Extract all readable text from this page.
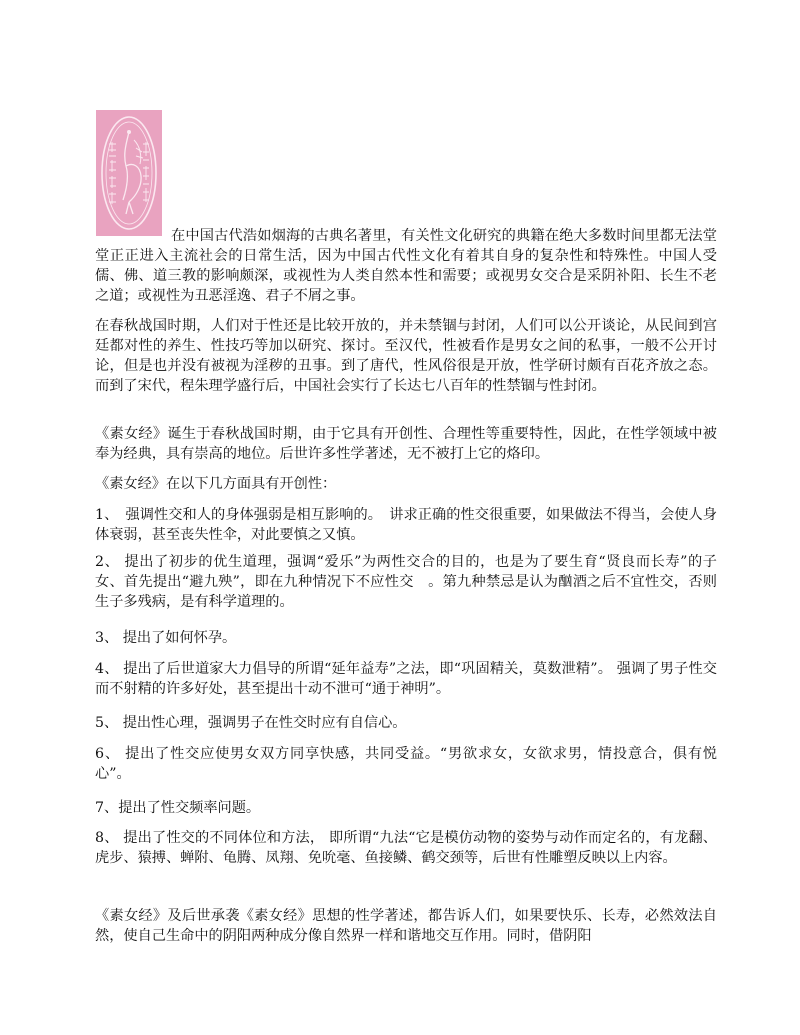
在中国古代浩如烟海的古典名著里，有关性文化研究的典籍在绝大多数时间里都无法堂堂正正进入主流社会的日常生活，因为中国古代性文化有着其自身的复杂性和特殊性。中国人受儒、佛、道三教的影响颇深，或视性为人类自然本性和需要；或视男女交合是采阴补阳、长生不老之道；或视性为丑恶淫逸、君子不屑之事。

在春秋战国时期，人们对于性还是比较开放的，并未禁锢与封闭，人们可以公开谈论，从民间到宫廷都对性的养生、性技巧等加以研究、探讨。至汉代，性被看作是男女之间的私事，一般不公开讨论，但是也并没有被视为淫秽的丑事。到了唐代，性风俗很是开放，性学研讨颇有百花齐放之态。而到了宋代，程朱理学盛行后，中国社会实行了长达七八百年的性禁锢与性封闭。

《素女经》诞生于春秋战国时期，由于它具有开创性、合理性等重要特性，因此，在性学领域中被奉为经典，具有崇高的地位。后世许多性学著述，无不被打上它的烙印。

《素女经》在以下几方面具有开创性：

1、　强调性交和人的身体强弱是相互影响的。　讲求正确的性交很重要，如果做法不得当，会使人身体衰弱，甚至丧失性伞，对此要慎之又慎。

2、 提出了初步的优生道理，强调“爱乐”为两性交合的目的，也是为了要生育“贤良而长寿”的子女、首先提出“避九殃”，即在九种情况下不应性交　。第九种禁忌是认为酗酒之后不宜性交，否则生子多残病，是有科学道理的。

3、 提出了如何怀孕。

4、 提出了后世道家大力倡导的所谓“延年益寿”之法，即“巩固精关，莫数泄精”。 强调了男子性交而不射精的许多好处，甚至提出十动不泄可“通于神明”。

5、 提出性心理，强调男子在性交时应有自信心。

6、 提出了性交应使男女双方同享快感，共同受益。“男欲求女，女欲求男，情投意合，俱有悦心”。

7、提出了性交频率问题。

8、 提出了性交的不同体位和方法， 即所谓“九法“它是模仿动物的姿势与动作而定名的，有龙翻、虎步、猿搏、蝉附、龟腾、凤翔、免吮毫、鱼接鳞、鹤交颈等，后世有性雕塑反映以上内容。

《素女经》及后世承袭《素女经》思想的性学著述，都告诉人们，如果要快乐、长寿，必然效法自然，使自己生命中的阴阳两种成分像自然界一样和谐地交互作用。同时，借阴阳
